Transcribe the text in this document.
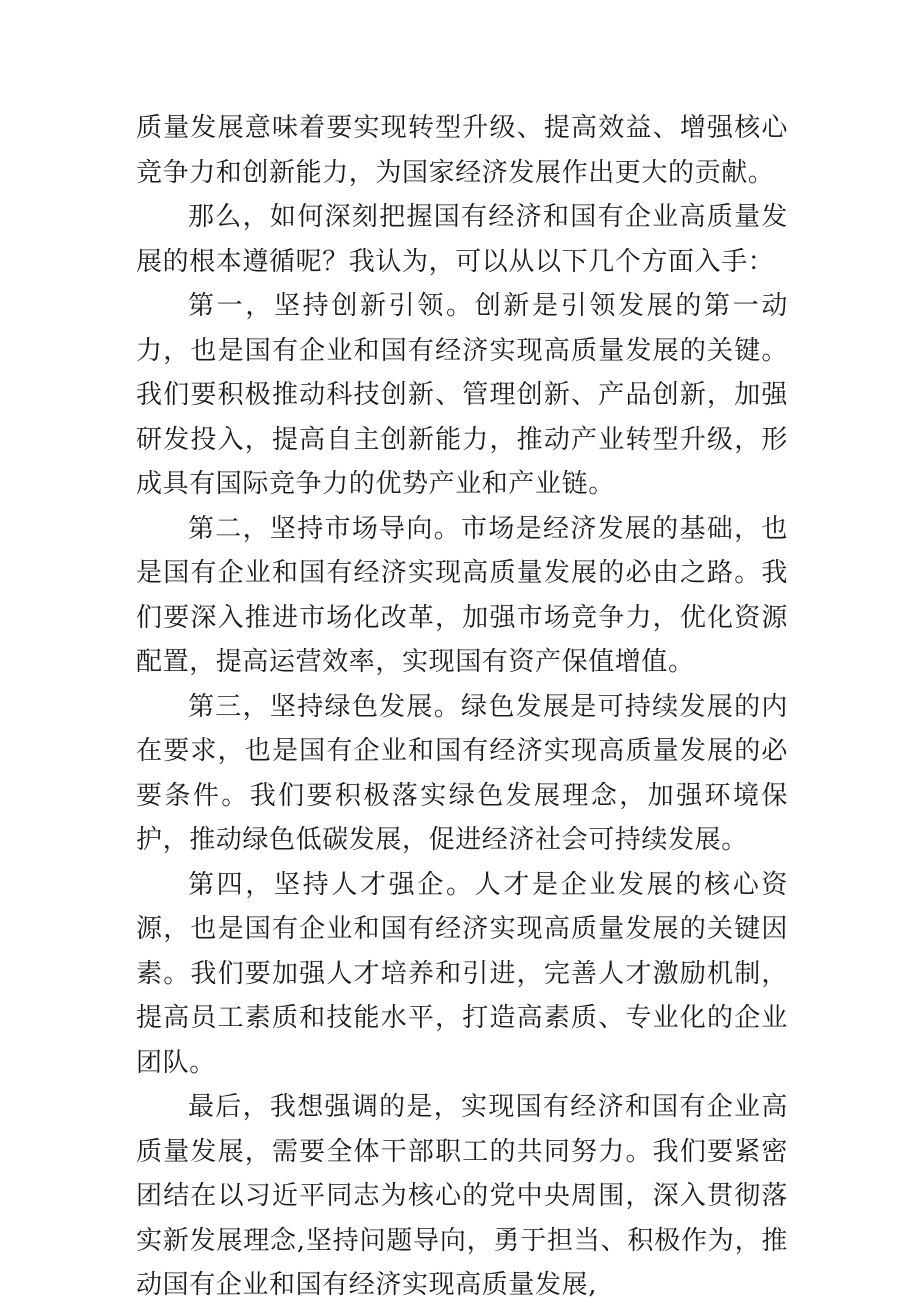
质量发展意味着要实现转型升级、提高效益、增强核心竞争力和创新能力，为国家经济发展作出更大的贡献。

那么，如何深刻把握国有经济和国有企业高质量发展的根本遵循呢？我认为，可以从以下几个方面入手：

第一，坚持创新引领。创新是引领发展的第一动力，也是国有企业和国有经济实现高质量发展的关键。我们要积极推动科技创新、管理创新、产品创新，加强研发投入，提高自主创新能力，推动产业转型升级，形成具有国际竞争力的优势产业和产业链。

第二，坚持市场导向。市场是经济发展的基础，也是国有企业和国有经济实现高质量发展的必由之路。我们要深入推进市场化改革，加强市场竞争力，优化资源配置，提高运营效率，实现国有资产保值增值。

第三，坚持绿色发展。绿色发展是可持续发展的内在要求，也是国有企业和国有经济实现高质量发展的必要条件。我们要积极落实绿色发展理念，加强环境保护，推动绿色低碳发展，促进经济社会可持续发展。

第四，坚持人才强企。人才是企业发展的核心资源，也是国有企业和国有经济实现高质量发展的关键因素。我们要加强人才培养和引进，完善人才激励机制，提高员工素质和技能水平，打造高素质、专业化的企业团队。

最后，我想强调的是，实现国有经济和国有企业高质量发展，需要全体干部职工的共同努力。我们要紧密团结在以习近平同志为核心的党中央周围，深入贯彻落实新发展理念,坚持问题导向，勇于担当、积极作为，推动国有企业和国有经济实现高质量发展,
